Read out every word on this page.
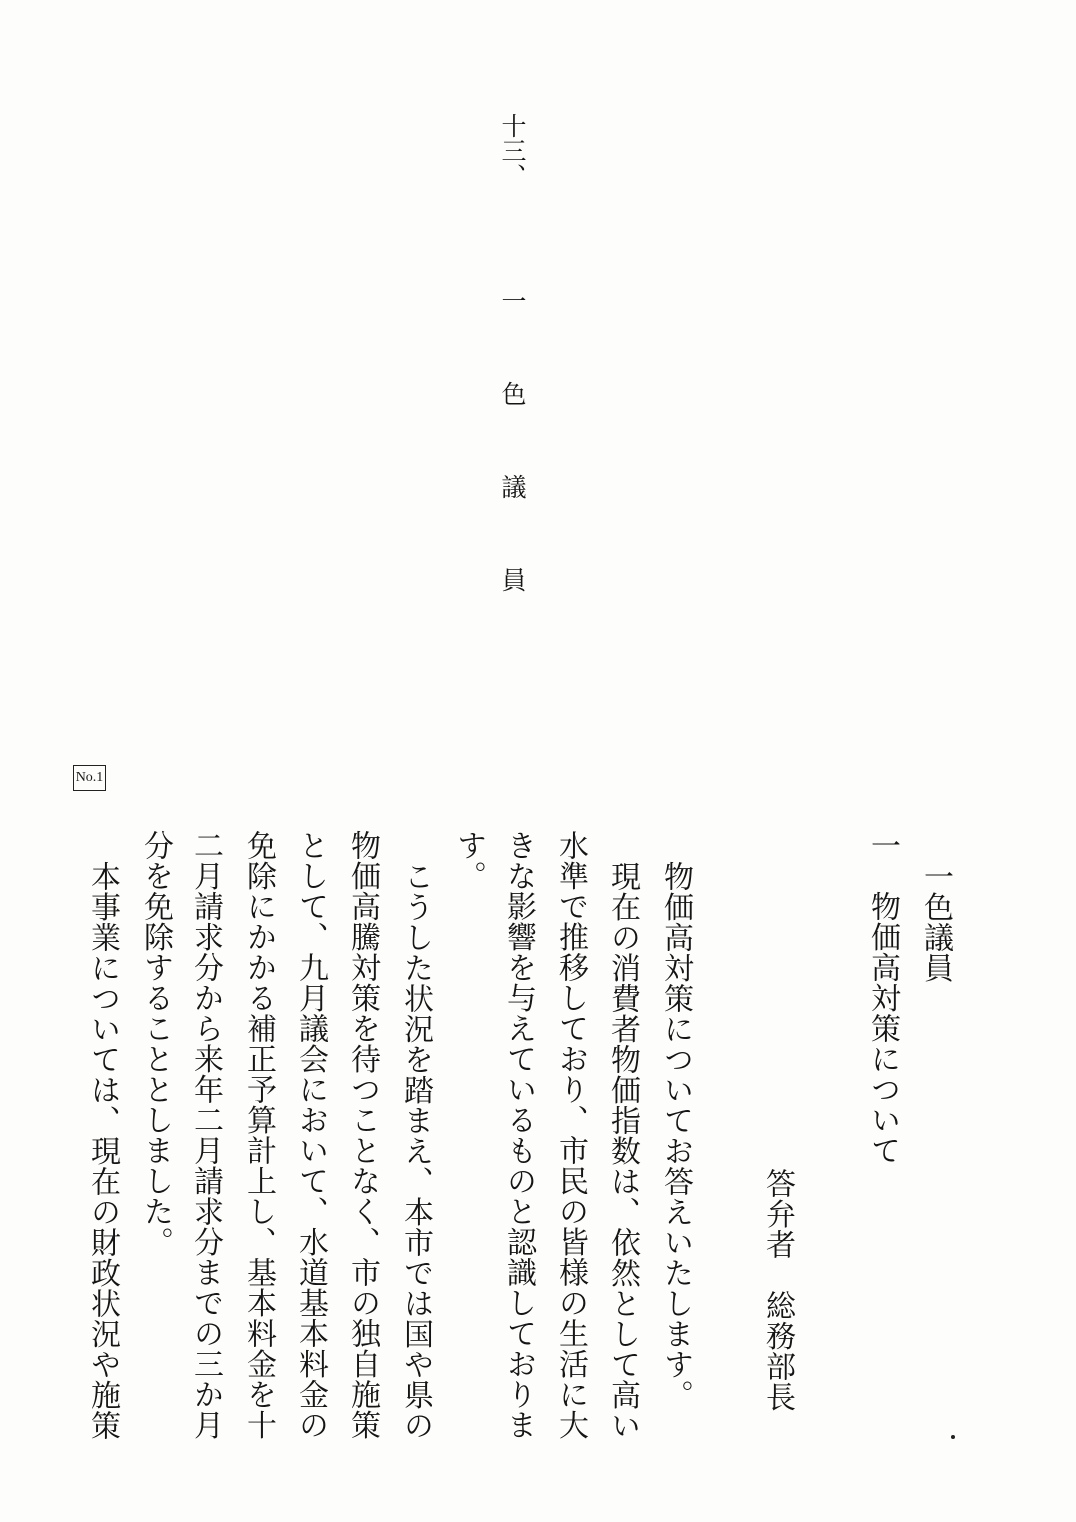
十三、
一色議員
No.1
一色議員
一
物価高対策について
答弁者
総務部長
物価高対策についてお答えいたします。
現在の消費者物価指数は、依然として高い
水準で推移しており、市民の皆様の生活に大
きな影響を与えているものと認識しておりま
す。
こうした状況を踏まえ、本市では国や県の
物価高騰対策を待つことなく、市の独自施策
として、九月議会において、水道基本料金の
免除にかかる補正予算計上し、基本料金を十
二月請求分から来年二月請求分までの三か月
分を免除することとしました。
本事業については、現在の財政状況や施策
